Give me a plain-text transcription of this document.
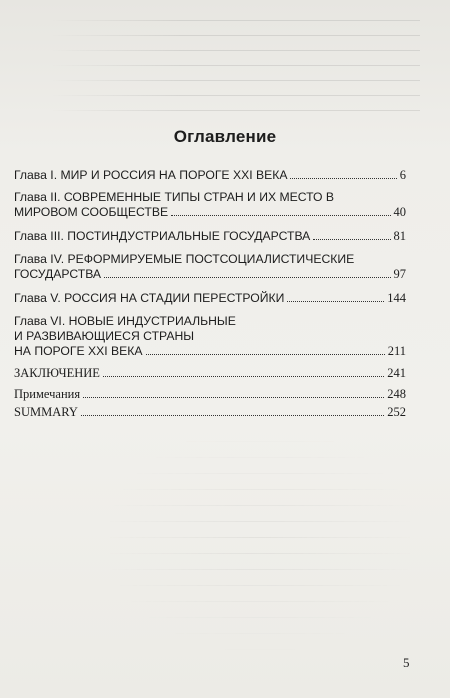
Оглавление
Глава I. МИР И РОССИЯ НА ПОРОГЕ XXI ВЕКА	6
Глава II. СОВРЕМЕННЫЕ ТИПЫ СТРАН И ИХ МЕСТО В
МИРОВОМ СООБЩЕСТВЕ	40
Глава III. ПОСТИНДУСТРИАЛЬНЫЕ ГОСУДАРСТВА	81
Глава IV. РЕФОРМИРУЕМЫЕ ПОСТСОЦИАЛИСТИЧЕСКИЕ
ГОСУДАРСТВА	97
Глава V. РОССИЯ НА СТАДИИ ПЕРЕСТРОЙКИ	144
Глава VI. НОВЫЕ ИНДУСТРИАЛЬНЫЕ
И РАЗВИВАЮЩИЕСЯ СТРАНЫ
НА ПОРОГЕ XXI ВЕКА	211
ЗАКЛЮЧЕНИЕ	241
Примечания	248
SUMMARY	252
5
